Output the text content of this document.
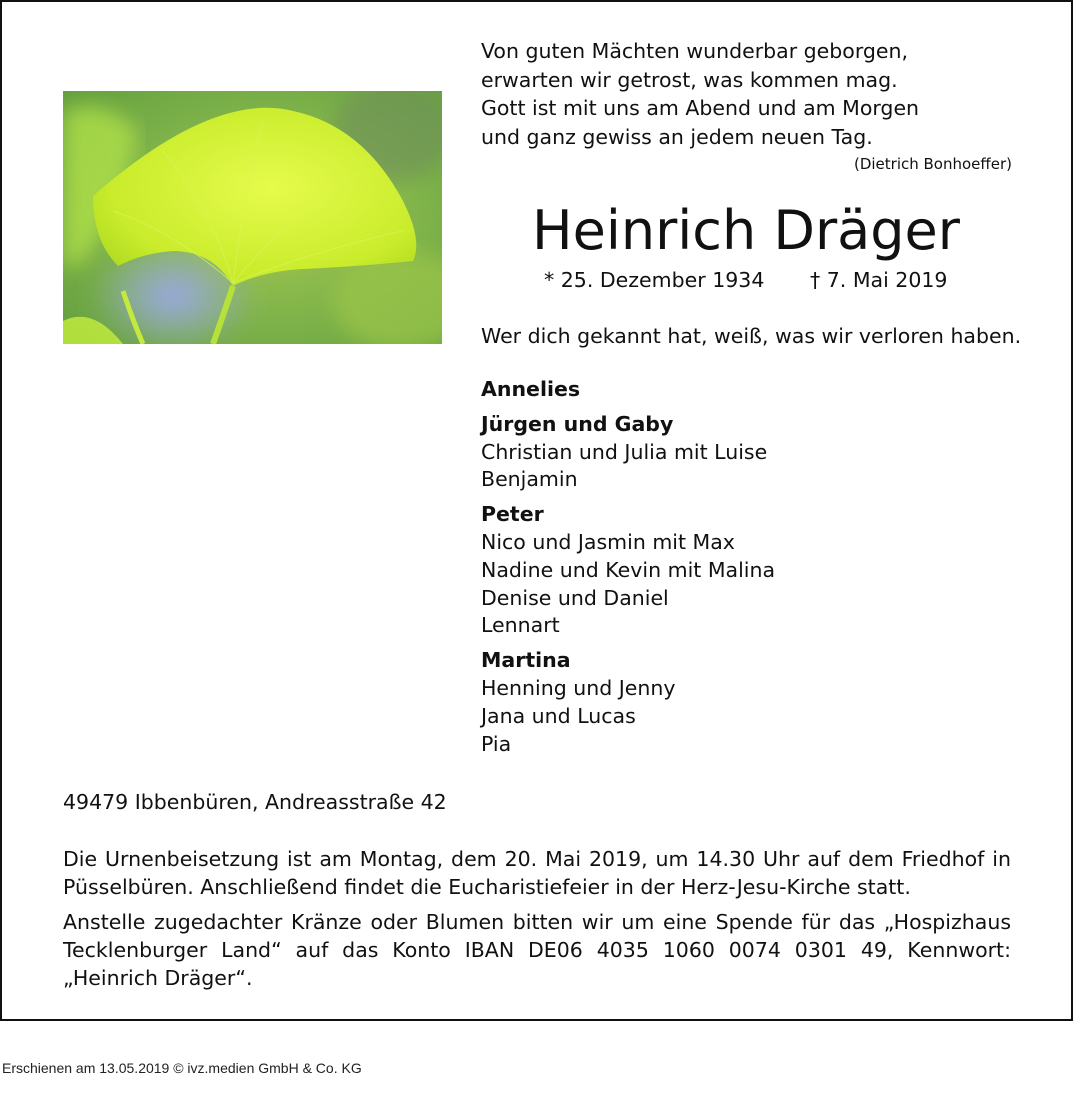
Von guten Mächten wunderbar geborgen,
erwarten wir getrost, was kommen mag.
Gott ist mit uns am Abend und am Morgen
und ganz gewiss an jedem neuen Tag.
(Dietrich Bonhoeffer)
Heinrich Dräger
* 25. Dezember 1934 † 7. Mai 2019
Wer dich gekannt hat, weiß, was wir verloren haben.
Annelies
Jürgen und Gaby
Christian und Julia mit Luise
Benjamin
Peter
Nico und Jasmin mit Max
Nadine und Kevin mit Malina
Denise und Daniel
Lennart
Martina
Henning und Jenny
Jana und Lucas
Pia
49479 Ibbenbüren, Andreasstraße 42
Die Urnenbeisetzung ist am Montag, dem 20. Mai 2019, um 14.30 Uhr auf dem Friedhof in Püsselbüren. Anschließend findet die Eucharistiefeier in der Herz-Jesu-Kirche statt.
Anstelle zugedachter Kränze oder Blumen bitten wir um eine Spende für das „Hospizhaus Tecklenburger Land“ auf das Konto IBAN DE06 4035 1060 0074 0301 49, Kennwort: „Heinrich Dräger“.
Erschienen am 13.05.2019 © ivz.medien GmbH & Co. KG
